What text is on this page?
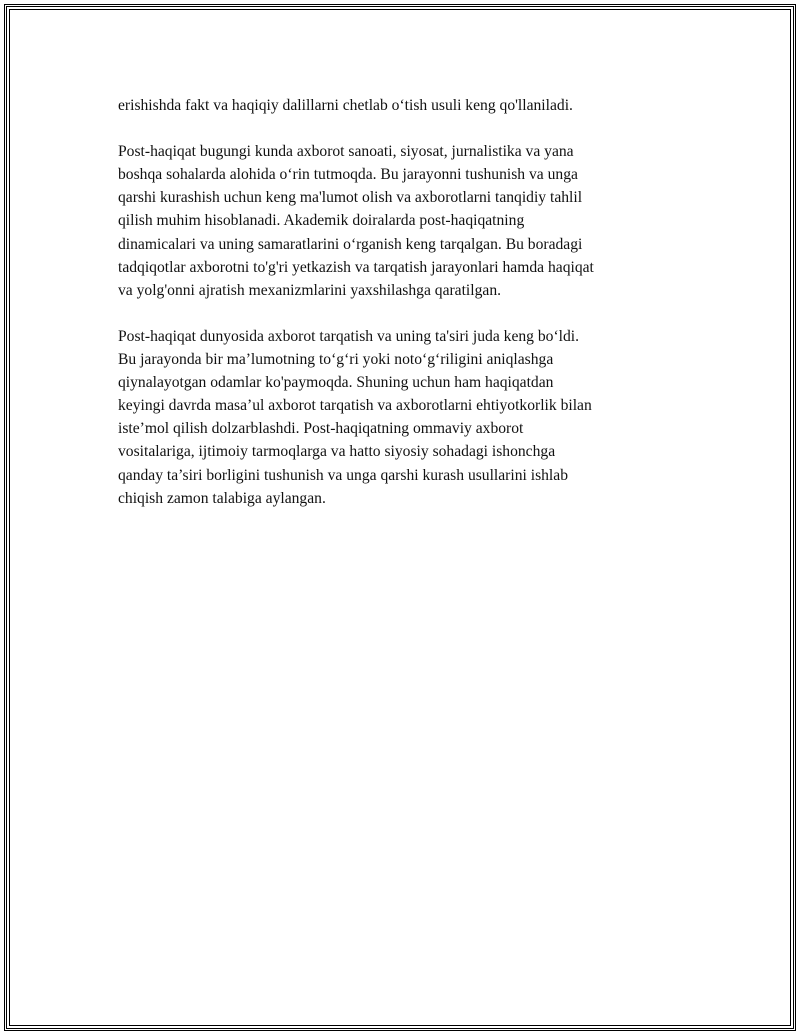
erishishda fakt va haqiqiy dalillarni chetlab o‘tish usuli keng qo'llaniladi.

Post-haqiqat bugungi kunda axborot sanoati, siyosat, jurnalistika va yana
boshqa sohalarda alohida o‘rin tutmoqda. Bu jarayonni tushunish va unga
qarshi kurashish uchun keng ma'lumot olish va axborotlarni tanqidiy tahlil
qilish muhim hisoblanadi. Akademik doiralarda post-haqiqatning
dinamicalari va uning samaratlarini o‘rganish keng tarqalgan. Bu boradagi
tadqiqotlar axborotni to'g'ri yetkazish va tarqatish jarayonlari hamda haqiqat
va yolg'onni ajratish mexanizmlarini yaxshilashga qaratilgan.

Post-haqiqat dunyosida axborot tarqatish va uning ta'siri juda keng bo‘ldi.
Bu jarayonda bir ma’lumotning to‘g‘ri yoki noto‘g‘riligini aniqlashga
qiynalayotgan odamlar ko'paymoqda. Shuning uchun ham haqiqatdan
keyingi davrda masa’ul axborot tarqatish va axborotlarni ehtiyotkorlik bilan
iste’mol qilish dolzarblashdi. Post-haqiqatning ommaviy axborot
vositalariga, ijtimoiy tarmoqlarga va hatto siyosiy sohadagi ishonchga
qanday ta’siri borligini tushunish va unga qarshi kurash usullarini ishlab
chiqish zamon talabiga aylangan.
